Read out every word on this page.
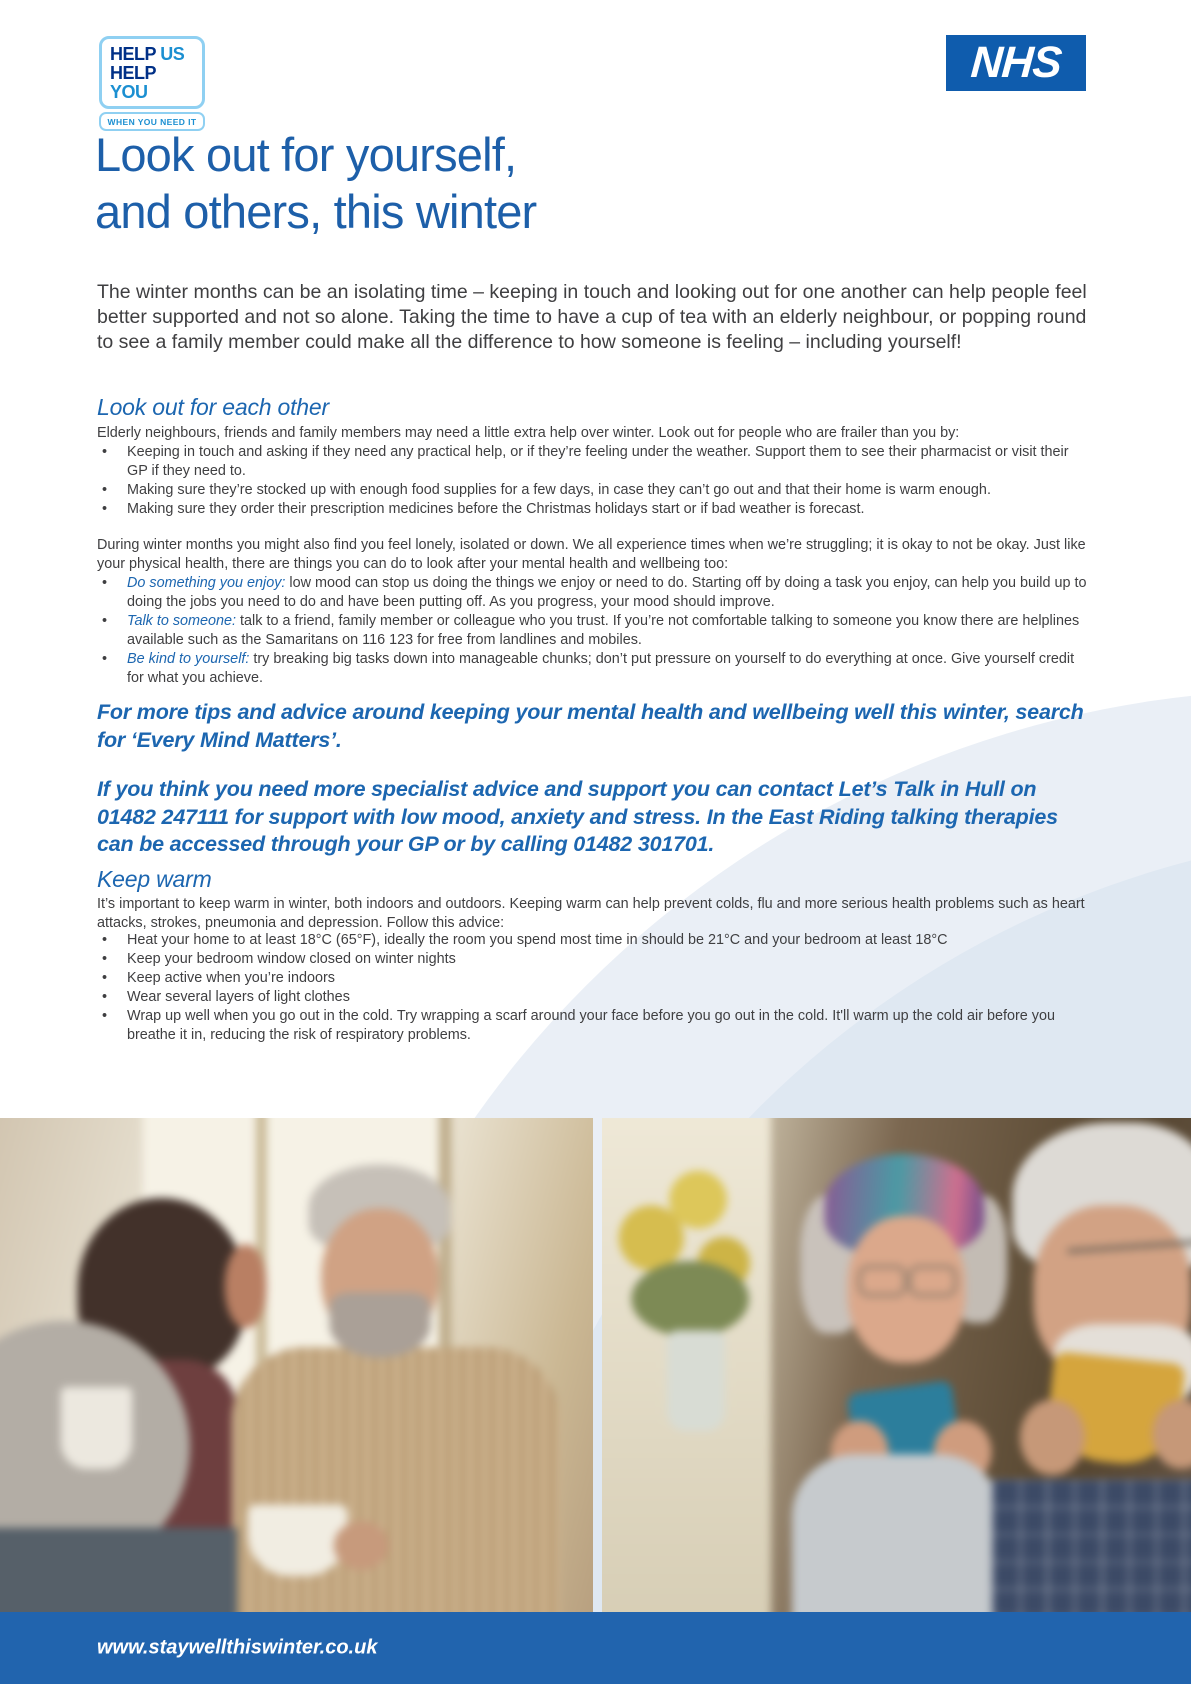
HELP US
HELP YOU
WHEN YOU NEED IT
NHS
Look out for yourself,
and others, this winter

The winter months can be an isolating time – keeping in touch and looking out for one another can help people feel better supported and not so alone. Taking the time to have a cup of tea with an elderly neighbour, or popping round to see a family member could make all the difference to how someone is feeling – including yourself!

Look out for each other
Elderly neighbours, friends and family members may need a little extra help over winter. Look out for people who are frailer than you by:
• Keeping in touch and asking if they need any practical help, or if they’re feeling under the weather. Support them to see their pharmacist or visit their GP if they need to.
• Making sure they’re stocked up with enough food supplies for a few days, in case they can’t go out and that their home is warm enough.
• Making sure they order their prescription medicines before the Christmas holidays start or if bad weather is forecast.
During winter months you might also find you feel lonely, isolated or down. We all experience times when we’re struggling; it is okay to not be okay. Just like your physical health, there are things you can do to look after your mental health and wellbeing too:
• Do something you enjoy: low mood can stop us doing the things we enjoy or need to do. Starting off by doing a task you enjoy, can help you build up to doing the jobs you need to do and have been putting off. As you progress, your mood should improve.
• Talk to someone: talk to a friend, family member or colleague who you trust. If you’re not comfortable talking to someone you know there are helplines available such as the Samaritans on 116 123 for free from landlines and mobiles.
• Be kind to yourself: try breaking big tasks down into manageable chunks; don’t put pressure on yourself to do everything at once. Give yourself credit for what you achieve.
For more tips and advice around keeping your mental health and wellbeing well this winter, search for ‘Every Mind Matters’.
If you think you need more specialist advice and support you can contact Let’s Talk in Hull on 01482 247111 for support with low mood, anxiety and stress. In the East Riding talking therapies can be accessed through your GP or by calling 01482 301701.
Keep warm
It’s important to keep warm in winter, both indoors and outdoors. Keeping warm can help prevent colds, flu and more serious health problems such as heart attacks, strokes, pneumonia and depression. Follow this advice:
• Heat your home to at least 18°C (65°F), ideally the room you spend most time in should be 21°C and your bedroom at least 18°C
• Keep your bedroom window closed on winter nights
• Keep active when you’re indoors
• Wear several layers of light clothes
• Wrap up well when you go out in the cold. Try wrapping a scarf around your face before you go out in the cold. It'll warm up the cold air before you breathe it in, reducing the risk of respiratory problems.
www.staywellthiswinter.co.uk
